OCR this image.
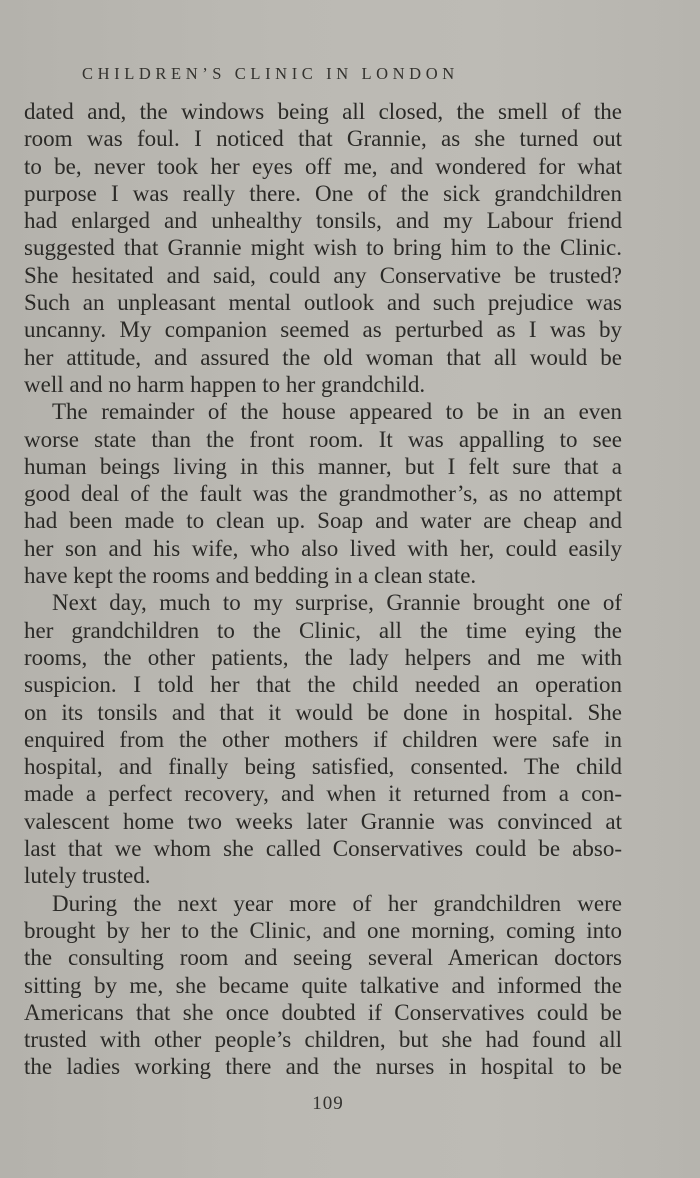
CHILDREN’S CLINIC IN LONDON
dated and, the windows being all closed, the smell of the
room was foul. I noticed that Grannie, as she turned out
to be, never took her eyes off me, and wondered for what
purpose I was really there. One of the sick grandchildren
had enlarged and unhealthy tonsils, and my Labour friend
suggested that Grannie might wish to bring him to the Clinic.
She hesitated and said, could any Conservative be trusted?
Such an unpleasant mental outlook and such prejudice was
uncanny. My companion seemed as perturbed as I was by
her attitude, and assured the old woman that all would be
well and no harm happen to her grandchild.
The remainder of the house appeared to be in an even
worse state than the front room. It was appalling to see
human beings living in this manner, but I felt sure that a
good deal of the fault was the grandmother’s, as no attempt
had been made to clean up. Soap and water are cheap and
her son and his wife, who also lived with her, could easily
have kept the rooms and bedding in a clean state.
Next day, much to my surprise, Grannie brought one of
her grandchildren to the Clinic, all the time eying the
rooms, the other patients, the lady helpers and me with
suspicion. I told her that the child needed an operation
on its tonsils and that it would be done in hospital. She
enquired from the other mothers if children were safe in
hospital, and finally being satisfied, consented. The child
made a perfect recovery, and when it returned from a con-
valescent home two weeks later Grannie was convinced at
last that we whom she called Conservatives could be abso-
lutely trusted.
During the next year more of her grandchildren were
brought by her to the Clinic, and one morning, coming into
the consulting room and seeing several American doctors
sitting by me, she became quite talkative and informed the
Americans that she once doubted if Conservatives could be
trusted with other people’s children, but she had found all
the ladies working there and the nurses in hospital to be
109
